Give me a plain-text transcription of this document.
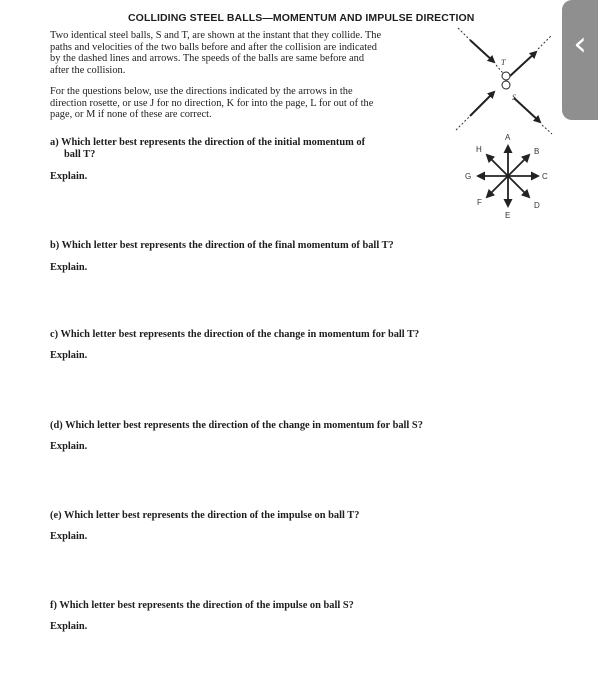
COLLIDING STEEL BALLS—MOMENTUM AND IMPULSE DIRECTION
Two identical steel balls, S and T, are shown at the instant that they collide. The
paths and velocities of the two balls before and after the collision are indicated
by the dashed lines and arrows. The speeds of the balls are same before and
after the collision.
For the questions below, use the directions indicated by the arrows in the
direction rosette, or use J for no direction, K for into the page, L for out of the
page, or M if none of these are correct.
a) Which letter best represents the direction of the initial momentum of
ball T?
Explain.
b) Which letter best represents the direction of the final momentum of ball T?
Explain.
c) Which letter best represents the direction of the change in momentum for ball T?
Explain.
(d) Which letter best represents the direction of the change in momentum for ball S?
Explain.
(e) Which letter best represents the direction of the impulse on ball T?
Explain.
f) Which letter best represents the direction of the impulse on ball S?
Explain.
T
S
A
B
C
D
E
F
G
H
‹
